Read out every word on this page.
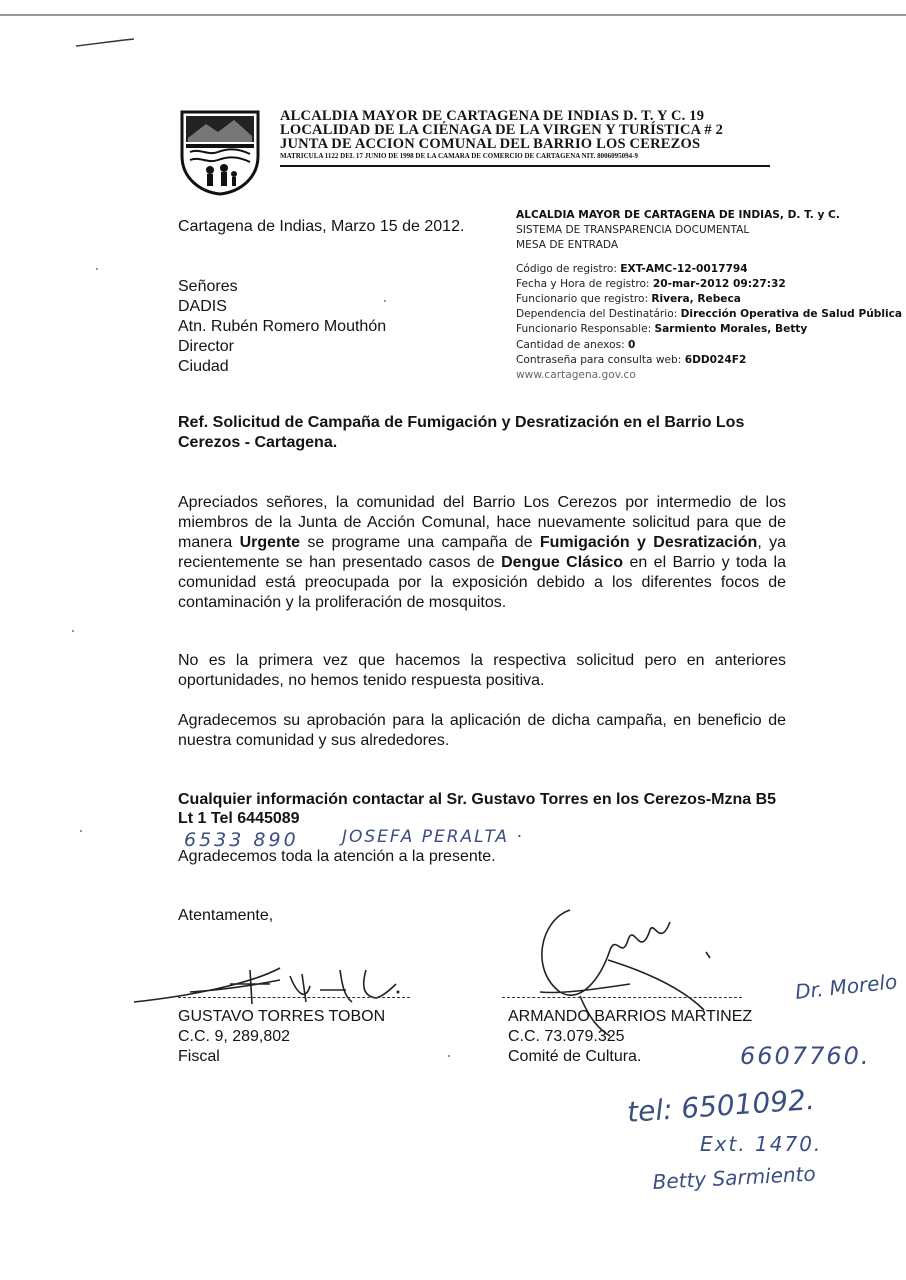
ALCALDIA MAYOR DE CARTAGENA DE INDIAS D. T. Y C. 19
LOCALIDAD DE LA CIÉNAGA DE LA VIRGEN Y TURÍSTICA # 2
JUNTA DE ACCION COMUNAL DEL BARRIO LOS CEREZOS
MATRICULA 1122 DEL 17 JUNIO DE 1998 DE LA CAMARA DE COMERCIO DE CARTAGENA NIT. 8006095094-9
Cartagena de Indias, Marzo 15 de 2012.
ALCALDIA MAYOR DE CARTAGENA DE INDIAS, D. T. y C.
SISTEMA DE TRANSPARENCIA DOCUMENTAL
MESA DE ENTRADA
Código de registro: EXT-AMC-12-0017794
Fecha y Hora de registro: 20-mar-2012 09:27:32
Funcionario que registro: Rivera, Rebeca
Dependencia del Destinatário: Dirección Operativa de Salud Pública
Funcionario Responsable: Sarmiento Morales, Betty
Cantidad de anexos: 0
Contraseña para consulta web: 6DD024F2
www.cartagena.gov.co
Señores
DADIS
Atn. Rubén Romero Mouthón
Director
Ciudad
Ref. Solicitud de Campaña de Fumigación y Desratización en el Barrio Los Cerezos - Cartagena.
Apreciados señores, la comunidad del Barrio Los Cerezos por intermedio de los miembros de la Junta de Acción Comunal, hace nuevamente solicitud para que de manera Urgente se programe una campaña de Fumigación y Desratización, ya recientemente se han presentado casos de Dengue Clásico en el Barrio y toda la comunidad está preocupada por la exposición debido a los diferentes focos de contaminación y la proliferación de mosquitos.
No es la primera vez que hacemos la respectiva solicitud pero en anteriores oportunidades, no hemos tenido respuesta positiva.
Agradecemos su aprobación para la aplicación de dicha campaña, en beneficio de nuestra comunidad y sus alrededores.
Cualquier información contactar al Sr. Gustavo Torres en los Cerezos-Mzna B5 Lt 1 Tel 6445089
6533 890	JOSEFA PERALTA ·
Agradecemos toda la atención a la presente.
Atentamente,
GUSTAVO TORRES TOBON
C.C. 9, 289,802
Fiscal
ARMANDO BARRIOS MARTINEZ
C.C. 73.079.325
Comité de Cultura.
Dr. Morelo
6607760.
tel: 6501092.
Ext. 1470.
Betty Sarmiento
